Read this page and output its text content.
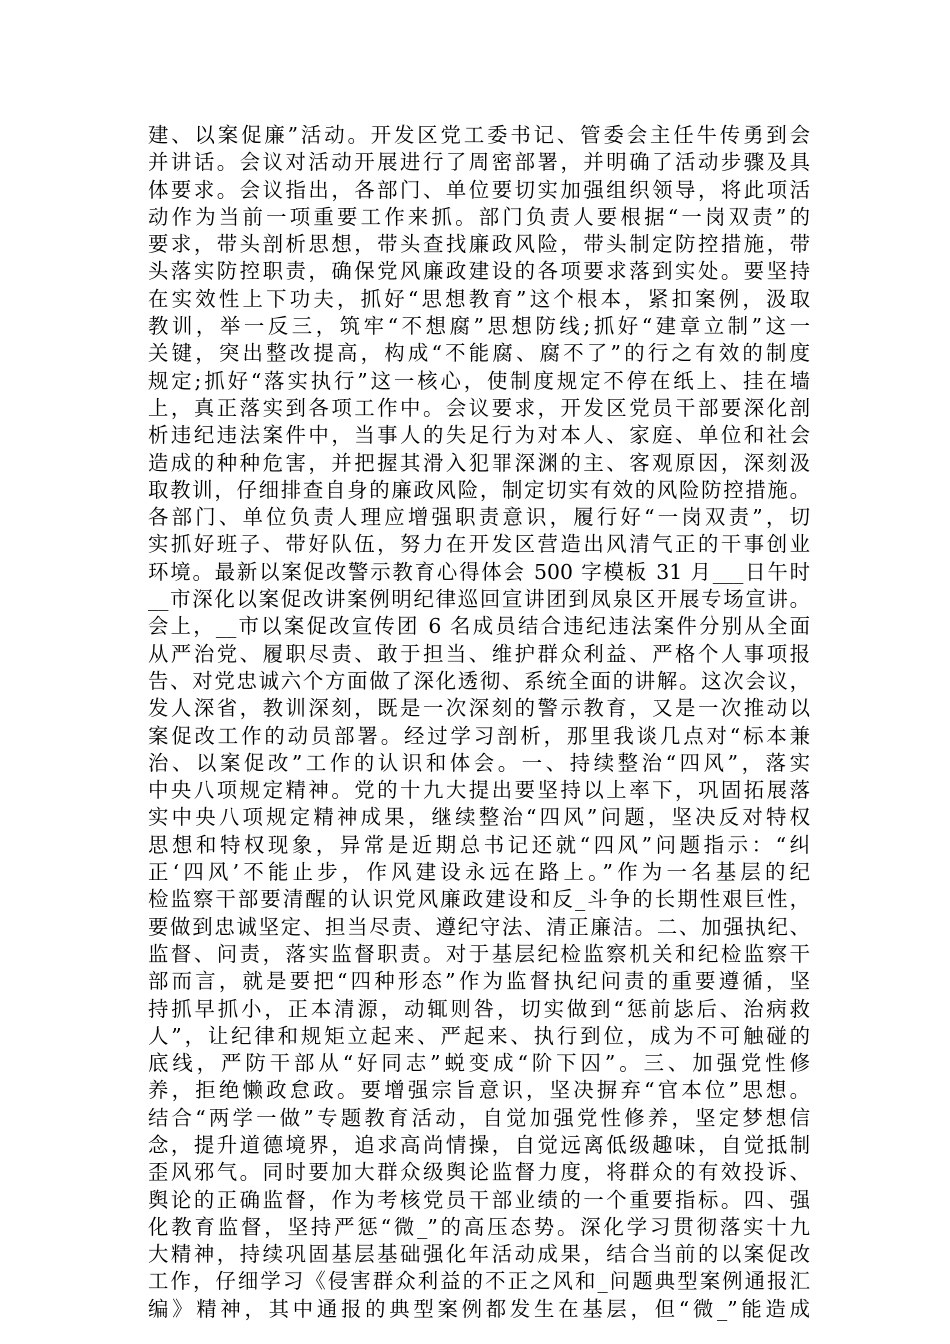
建、以案促廉”活动。开发区党工委书记、管委会主任牛传勇到会
并讲话。会议对活动开展进行了周密部署，并明确了活动步骤及具
体要求。会议指出，各部门、单位要切实加强组织领导，将此项活
动作为当前一项重要工作来抓。部门负责人要根据“一岗双责”的
要求，带头剖析思想，带头查找廉政风险，带头制定防控措施，带
头落实防控职责，确保党风廉政建设的各项要求落到实处。要坚持
在实效性上下功夫，抓好“思想教育”这个根本，紧扣案例，汲取
教训，举一反三，筑牢“不想腐”思想防线;抓好“建章立制”这一
关键，突出整改提高，构成“不能腐、腐不了”的行之有效的制度
规定;抓好“落实执行”这一核心，使制度规定不停在纸上、挂在墙
上，真正落实到各项工作中。会议要求，开发区党员干部要深化剖
析违纪违法案件中，当事人的失足行为对本人、家庭、单位和社会
造成的种种危害，并把握其滑入犯罪深渊的主、客观原因，深刻汲
取教训，仔细排查自身的廉政风险，制定切实有效的风险防控措施。
各部门、单位负责人理应增强职责意识，履行好“一岗双责”，切
实抓好班子、带好队伍，努力在开发区营造出风清气正的干事创业
环境。最新以案促改警示教育心得体会 500 字模板 31 月___日午时
__市深化以案促改讲案例明纪律巡回宣讲团到凤泉区开展专场宣讲。
会上，__市以案促改宣传团 6 名成员结合违纪违法案件分别从全面
从严治党、履职尽责、敢于担当、维护群众利益、严格个人事项报
告、对党忠诚六个方面做了深化透彻、系统全面的讲解。这次会议，
发人深省，教训深刻，既是一次深刻的警示教育，又是一次推动以
案促改工作的动员部署。经过学习剖析，那里我谈几点对“标本兼
治、以案促改”工作的认识和体会。一、持续整治“四风”，落实
中央八项规定精神。党的十九大提出要坚持以上率下，巩固拓展落
实中央八项规定精神成果，继续整治“四风”问题，坚决反对特权
思想和特权现象，异常是近期总书记还就“四风”问题指示：“纠
正‘四风’不能止步，作风建设永远在路上。”作为一名基层的纪
检监察干部要清醒的认识党风廉政建设和反_斗争的长期性艰巨性，
要做到忠诚坚定、担当尽责、遵纪守法、清正廉洁。二、加强执纪、
监督、问责，落实监督职责。对于基层纪检监察机关和纪检监察干
部而言，就是要把“四种形态”作为监督执纪问责的重要遵循，坚
持抓早抓小，正本清源，动辄则咎，切实做到“惩前毖后、治病救
人”，让纪律和规矩立起来、严起来、执行到位，成为不可触碰的
底线，严防干部从“好同志”蜕变成“阶下囚”。三、加强党性修
养，拒绝懒政怠政。要增强宗旨意识，坚决摒弃“官本位”思想。
结合“两学一做”专题教育活动，自觉加强党性修养，坚定梦想信
念，提升道德境界，追求高尚情操，自觉远离低级趣味，自觉抵制
歪风邪气。同时要加大群众级舆论监督力度，将群众的有效投诉、
舆论的正确监督，作为考核党员干部业绩的一个重要指标。四、强
化教育监督，坚持严惩“微_”的高压态势。深化学习贯彻落实十九
大精神，持续巩固基层基础强化年活动成果，结合当前的以案促改
工作，仔细学习《侵害群众利益的不正之风和_问题典型案例通报汇
编》精神，其中通报的典型案例都发生在基层，但“微_”能造成
